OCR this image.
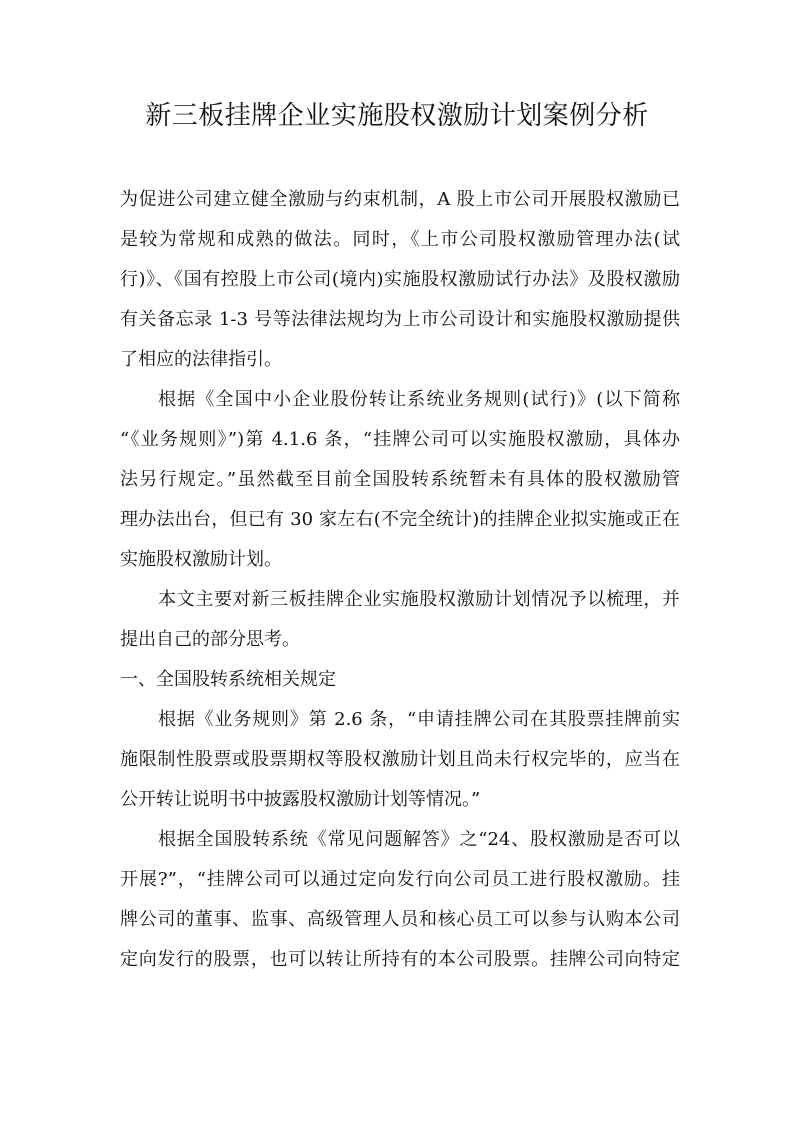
新三板挂牌企业实施股权激励计划案例分析
为促进公司建立健全激励与约束机制，A 股上市公司开展股权激励已
是较为常规和成熟的做法。同时，《上市公司股权激励管理办法(试
行)》、《国有控股上市公司(境内)实施股权激励试行办法》及股权激励
有关备忘录 1-3 号等法律法规均为上市公司设计和实施股权激励提供
了相应的法律指引。
根据《全国中小企业股份转让系统业务规则(试行)》(以下简称
“《业务规则》”)第 4.1.6 条，“挂牌公司可以实施股权激励，具体办
法另行规定。”虽然截至目前全国股转系统暂未有具体的股权激励管
理办法出台，但已有 30 家左右(不完全统计)的挂牌企业拟实施或正在
实施股权激励计划。
本文主要对新三板挂牌企业实施股权激励计划情况予以梳理，并
提出自己的部分思考。
一、全国股转系统相关规定
根据《业务规则》第 2.6 条，“申请挂牌公司在其股票挂牌前实
施限制性股票或股票期权等股权激励计划且尚未行权完毕的，应当在
公开转让说明书中披露股权激励计划等情况。”
根据全国股转系统《常见问题解答》之“24、股权激励是否可以
开展?”，“挂牌公司可以通过定向发行向公司员工进行股权激励。挂
牌公司的董事、监事、高级管理人员和核心员工可以参与认购本公司
定向发行的股票，也可以转让所持有的本公司股票。挂牌公司向特定
